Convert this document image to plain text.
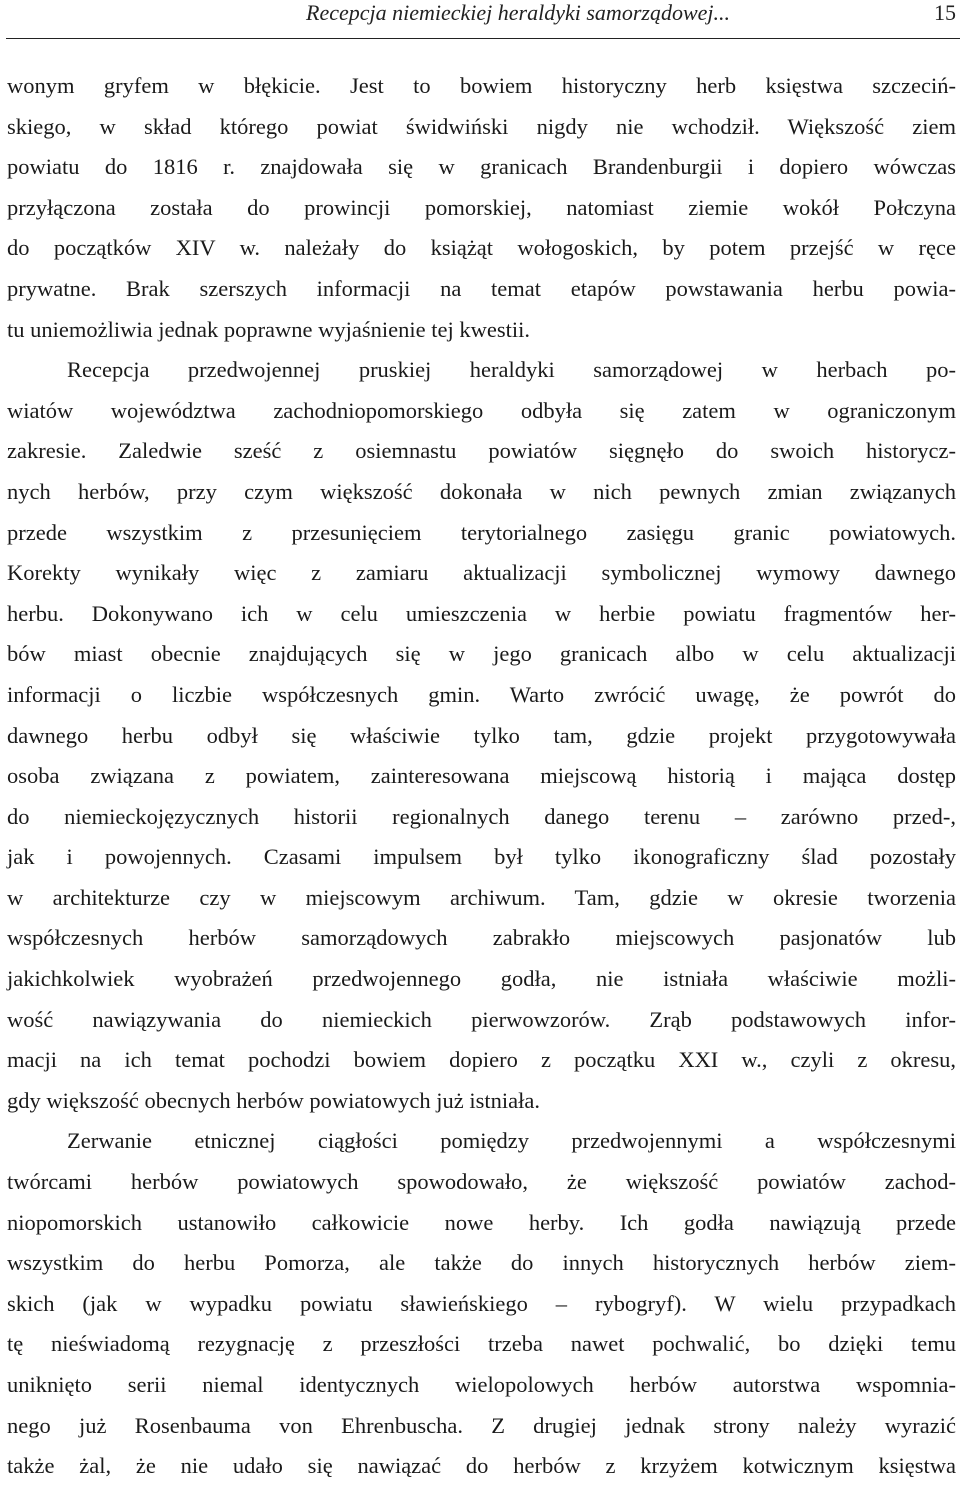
Recepcja niemieckiej heraldyki samorządowej...	15
wonym gryfem w błękicie. Jest to bowiem historyczny herb księstwa szczeciń-
skiego, w skład którego powiat świdwiński nigdy nie wchodził. Większość ziem
powiatu do 1816 r. znajdowała się w granicach Brandenburgii i dopiero wówczas
przyłączona została do prowincji pomorskiej, natomiast ziemie wokół Połczyna
do początków XIV w. należały do książąt wołogoskich, by potem przejść w ręce
prywatne. Brak szerszych informacji na temat etapów powstawania herbu powia-
tu uniemożliwia jednak poprawne wyjaśnienie tej kwestii.
Recepcja przedwojennej pruskiej heraldyki samorządowej w herbach po-
wiatów województwa zachodniopomorskiego odbyła się zatem w ograniczonym
zakresie. Zaledwie sześć z osiemnastu powiatów sięgnęło do swoich historycz-
nych herbów, przy czym większość dokonała w nich pewnych zmian związanych
przede wszystkim z przesunięciem terytorialnego zasięgu granic powiatowych.
Korekty wynikały więc z zamiaru aktualizacji symbolicznej wymowy dawnego
herbu. Dokonywano ich w celu umieszczenia w herbie powiatu fragmentów her-
bów miast obecnie znajdujących się w jego granicach albo w celu aktualizacji
informacji o liczbie współczesnych gmin. Warto zwrócić uwagę, że powrót do
dawnego herbu odbył się właściwie tylko tam, gdzie projekt przygotowywała
osoba związana z powiatem, zainteresowana miejscową historią i mająca dostęp
do niemieckojęzycznych historii regionalnych danego terenu – zarówno przed-,
jak i powojennych. Czasami impulsem był tylko ikonograficzny ślad pozostały
w architekturze czy w miejscowym archiwum. Tam, gdzie w okresie tworzenia
współczesnych herbów samorządowych zabrakło miejscowych pasjonatów lub
jakichkolwiek wyobrażeń przedwojennego godła, nie istniała właściwie możli-
wość nawiązywania do niemieckich pierwowzorów. Zrąb podstawowych infor-
macji na ich temat pochodzi bowiem dopiero z początku XXI w., czyli z okresu,
gdy większość obecnych herbów powiatowych już istniała.
Zerwanie etnicznej ciągłości pomiędzy przedwojennymi a współczesnymi
twórcami herbów powiatowych spowodowało, że większość powiatów zachod-
niopomorskich ustanowiło całkowicie nowe herby. Ich godła nawiązują przede
wszystkim do herbu Pomorza, ale także do innych historycznych herbów ziem-
skich (jak w wypadku powiatu sławieńskiego – rybogryf). W wielu przypadkach
tę nieświadomą rezygnację z przeszłości trzeba nawet pochwalić, bo dzięki temu
uniknięto serii niemal identycznych wielopolowych herbów autorstwa wspomnia-
nego już Rosenbauma von Ehrenbuscha. Z drugiej jednak strony należy wyrazić
także żal, że nie udało się nawiązać do herbów z krzyżem kotwicznym księstwa
